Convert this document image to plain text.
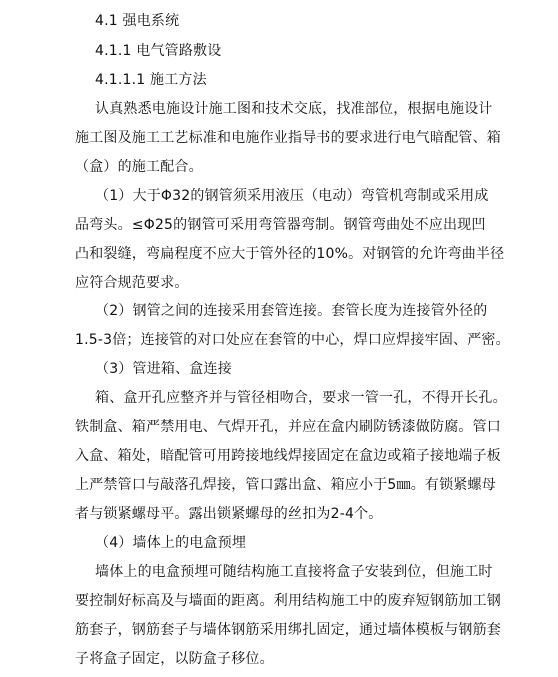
4.1 强电系统
4.1.1 电气管路敷设
4.1.1.1 施工方法
认真熟悉电施设计施工图和技术交底，找准部位，根据电施设计
施工图及施工工艺标准和电施作业指导书的要求进行电气暗配管、箱
（盒）的施工配合。
（1）大于Φ32的钢管须采用液压（电动）弯管机弯制或采用成
品弯头。≤Φ25的钢管可采用弯管器弯制。钢管弯曲处不应出现凹
凸和裂缝，弯扁程度不应大于管外径的10%。对钢管的允许弯曲半径
应符合规范要求。
（2）钢管之间的连接采用套管连接。套管长度为连接管外径的
1.5-3倍；连接管的对口处应在套管的中心，焊口应焊接牢固、严密。
（3）管进箱、盒连接
箱、盒开孔应整齐并与管径相吻合，要求一管一孔，不得开长孔。
铁制盒、箱严禁用电、气焊开孔，并应在盒内刷防锈漆做防腐。管口
入盒、箱处，暗配管可用跨接地线焊接固定在盒边或箱子接地端子板
上严禁管口与敲落孔焊接，管口露出盒、箱应小于5㎜。有锁紧螺母
者与锁紧螺母平。露出锁紧螺母的丝扣为2-4个。
（4）墙体上的电盒预埋
墙体上的电盒预埋可随结构施工直接将盒子安装到位，但施工时
要控制好标高及与墙面的距离。利用结构施工中的废弃短钢筋加工钢
筋套子，钢筋套子与墙体钢筋采用绑扎固定，通过墙体模板与钢筋套
子将盒子固定，以防盒子移位。
